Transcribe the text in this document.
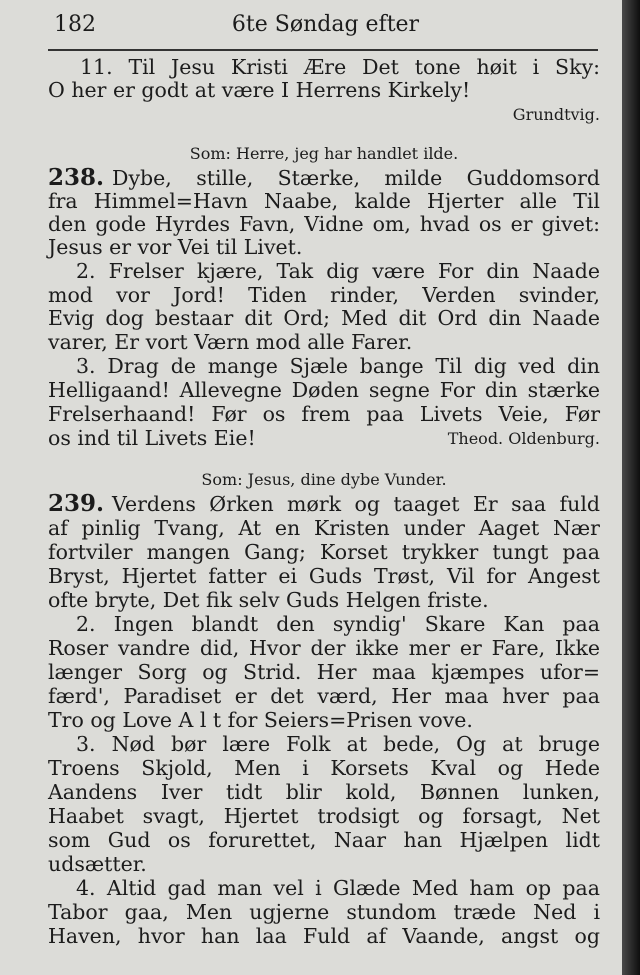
182	6te Søndag efter
11. Til Jesu Kristi Ære Det tone høit i Sky:
O her er godt at være I Herrens Kirkely!
Grundtvig.
Som: Herre, jeg har handlet ilde.
238. Dybe, stille, Stærke, milde Guddomsord
fra Himmel=Havn Naabe, kalde Hjerter alle Til
den gode Hyrdes Favn, Vidne om, hvad os er givet:
Jesus er vor Vei til Livet.
2. Frelser kjære, Tak dig være For din Naade
mod vor Jord! Tiden rinder, Verden svinder,
Evig dog bestaar dit Ord; Med dit Ord din Naade
varer, Er vort Værn mod alle Farer.
3. Drag de mange Sjæle bange Til dig ved din
Helligaand! Allevegne Døden segne For din stærke
Frelserhaand! Før os frem paa Livets Veie, Før
os ind til Livets Eie!	Theod. Oldenburg.
Som: Jesus, dine dybe Vunder.
239. Verdens Ørken mørk og taaget Er saa fuld
af pinlig Tvang, At en Kristen under Aaget Nær
fortviler mangen Gang; Korset trykker tungt paa
Bryst, Hjertet fatter ei Guds Trøst, Vil for Angest
ofte bryte, Det fik selv Guds Helgen friste.
2. Ingen blandt den syndig' Skare Kan paa
Roser vandre did, Hvor der ikke mer er Fare, Ikke
længer Sorg og Strid. Her maa kjæmpes ufor=
færd', Paradiset er det værd, Her maa hver paa
Tro og Love A l t for Seiers=Prisen vove.
3. Nød bør lære Folk at bede, Og at bruge
Troens Skjold, Men i Korsets Kval og Hede
Aandens Iver tidt blir kold, Bønnen lunken,
Haabet svagt, Hjertet trodsigt og forsagt, Net
som Gud os forurettet, Naar han Hjælpen lidt
udsætter.
4. Altid gad man vel i Glæde Med ham op paa
Tabor gaa, Men ugjerne stundom træde Ned i
Haven, hvor han laa Fuld af Vaande, angst og
